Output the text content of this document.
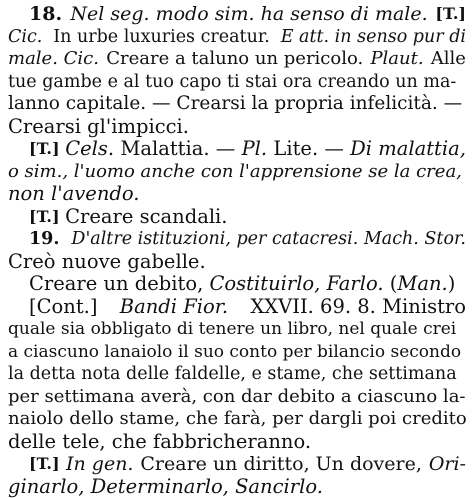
18. Nel seg. modo sim. ha senso di male. [T.]
Cic. In urbe luxuries creatur. E att. in senso pur di
male. Cic. Creare a taluno un pericolo. Plaut. Alle
tue gambe e al tuo capo ti stai ora creando un ma-
lanno capitale. — Crearsi la propria infelicità. —
Crearsi gl'impicci.
[T.] Cels. Malattia. — Pl. Lite. — Di malattia,
o sim., l'uomo anche con l'apprensione se la crea,
non l'avendo.
[T.] Creare scandali.
19. D'altre istituzioni, per catacresi. Mach. Stor.
Creò nuove gabelle.
Creare un debito, Costituirlo, Farlo. ( Man. )
[Cont.] Bandi Fior. XXVII. 69. 8. Ministro
quale sia obbligato di tenere un libro, nel quale crei
a ciascuno lanaiolo il suo conto per bilancio secondo
la detta nota delle faldelle, e stame, che settimana
per settimana averà, con dar debito a ciascuno la-
naiolo dello stame, che farà, per dargli poi credito
delle tele, che fabbricheranno.
[T.] In gen. Creare un diritto, Un dovere, Ori-
ginarlo, Determinarlo, Sancirlo.
